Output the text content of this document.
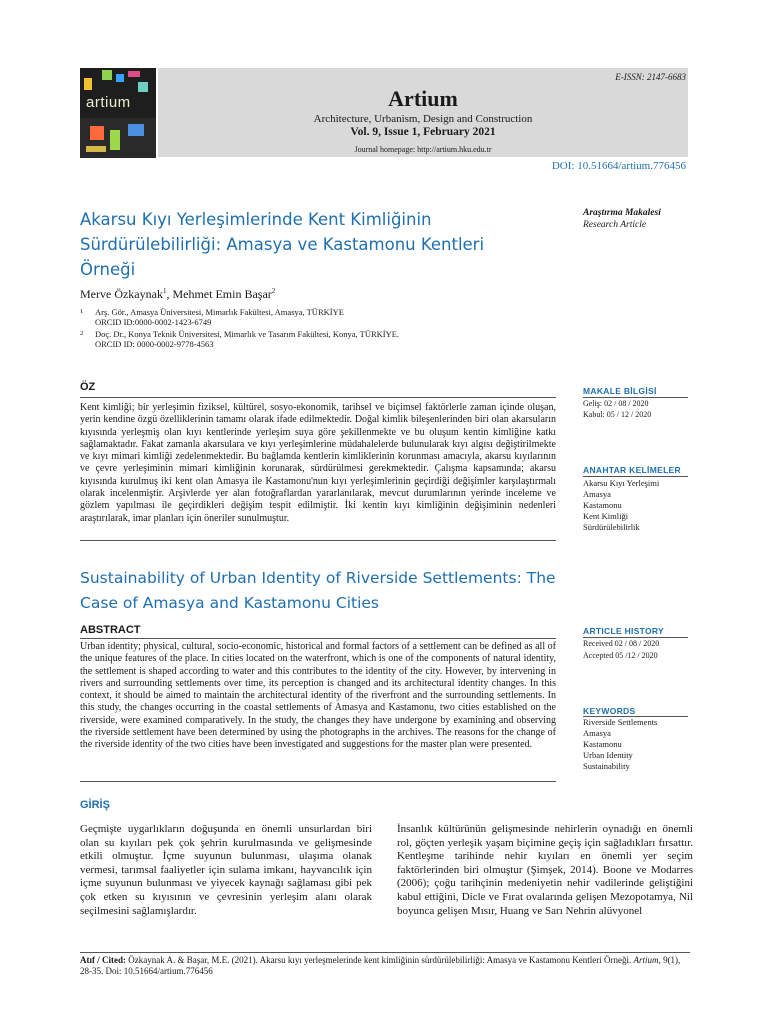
artium
E-ISSN: 2147-6683
Artium
Architecture, Urbanism, Design and Construction
Vol. 9, Issue 1, February 2021
Journal homepage: http://artium.hku.edu.tr
DOI: 10.51664/artium.776456
Akarsu Kıyı Yerleşimlerinde Kent Kimliğinin Sürdürülebilirliği: Amasya ve Kastamonu Kentleri Örneği
Araştırma Makalesi
Research Article
Merve Özkaynak$^1$, Mehmet Emin Başar$^2$
1 Arş. Gör., Amasya Üniversitesi, Mimarlık Fakültesi, Amasya, TÜRKİYE
ORCID ID:0000-0002-1423-6749
2 Doç. Dr., Konya Teknik Üniversitesi, Mimarlık ve Tasarım Fakültesi, Konya, TÜRKİYE.
ORCID ID: 0000-0002-9778-4563
ÖZ
Kent kimliği; bir yerleşimin fiziksel, kültürel, sosyo-ekonomik, tarihsel ve biçimsel faktörlerle zaman içinde oluşan, yerin kendine özgü özelliklerinin tamamı olarak ifade edilmektedir. Doğal kimlik bileşenlerinden biri olan akarsuların kıyısında yerleşmiş olan kıyı kentlerinde yerleşim suya göre şekillenmekte ve bu oluşum kentin kimliğine katkı sağlamaktadır. Fakat zamanla akarsulara ve kıyı yerleşimlerine müdahalelerde bulunularak kıyı algısı değiştirilmekte ve kıyı mimari kimliği zedelenmektedir. Bu bağlamda kentlerin kimliklerinin korunması amacıyla, akarsu kıyılarının ve çevre yerleşiminin mimari kimliğinin korunarak, sürdürülmesi gerekmektedir. Çalışma kapsamında; akarsu kıyısında kurulmuş iki kent olan Amasya ile Kastamonu'nun kıyı yerleşimlerinin geçirdiği değişimler karşılaştırmalı olarak incelenmiştir. Arşivlerde yer alan fotoğraflardan yararlanılarak, mevcut durumlarının yerinde inceleme ve gözlem yapılması ile geçirdikleri değişim tespit edilmiştir. İki kentin kıyı kimliğinin değişiminin nedenleri araştırılarak, imar planları için öneriler sunulmuştur.
MAKALE BİLGİSİ
Geliş: 02 / 08 / 2020
Kabul: 05 / 12 / 2020
ANAHTAR KELİMELER
Akarsu Kıyı Yerleşimi
Amasya
Kastamonu
Kent Kimliği
Sürdürülebilirlik
Sustainability of Urban Identity of Riverside Settlements: The Case of Amasya and Kastamonu Cities
ABSTRACT
Urban identity; physical, cultural, socio-economic, historical and formal factors of a settlement can be defined as all of the unique features of the place. In cities located on the waterfront, which is one of the components of natural identity, the settlement is shaped according to water and this contributes to the identity of the city. However, by intervening in rivers and surrounding settlements over time, its perception is changed and its architectural identity changes. In this context, it should be aimed to maintain the architectural identity of the riverfront and the surrounding settlements. In this study, the changes occurring in the coastal settlements of Amasya and Kastamonu, two cities established on the riverside, were examined comparatively. In the study, the changes they have undergone by examining and observing the riverside settlement have been determined by using the photographs in the archives. The reasons for the change of the riverside identity of the two cities have been investigated and suggestions for the master plan were presented.
ARTICLE HISTORY
Received 02 / 08 / 2020
Accepted 05 /12 / 2020
KEYWORDS
Riverside Settlements
Amasya
Kastamonu
Urban Identity
Sustainability
GİRİŞ
Geçmişte uygarlıkların doğuşunda en önemli unsurlardan biri olan su kıyıları pek çok şehrin kurulmasında ve gelişmesinde etkili olmuştur. İçme suyunun bulunması, ulaşıma olanak vermesi, tarımsal faaliyetler için sulama imkanı, hayvancılık için içme suyunun bulunması ve yiyecek kaynağı sağlaması gibi pek çok etken su kıyısının ve çevresinin yerleşim alanı olarak seçilmesini sağlamışlardır.
İnsanlık kültürünün gelişmesinde nehirlerin oynadığı en önemli rol, göçten yerleşik yaşam biçimine geçiş için sağladıkları fırsattır. Kentleşme tarihinde nehir kıyıları en önemli yer seçim faktörlerinden biri olmuştur (Şimşek, 2014). Boone ve Modarres (2006); çoğu tarihçinin medeniyetin nehir vadilerinde geliştiğini kabul ettiğini, Dicle ve Fırat ovalarında gelişen Mezopotamya, Nil boyunca gelişen Mısır, Huang ve Sarı Nehrin alüvyonel
Atıf / Cited: Özkaynak A. & Başar, M.E. (2021). Akarsu kıyı yerleşmelerinde kent kimliğinin sürdürülebilirliği: Amasya ve Kastamonu Kentleri Örneği. Artium, 9(1), 28-35. Doi: 10.51664/artium.776456
